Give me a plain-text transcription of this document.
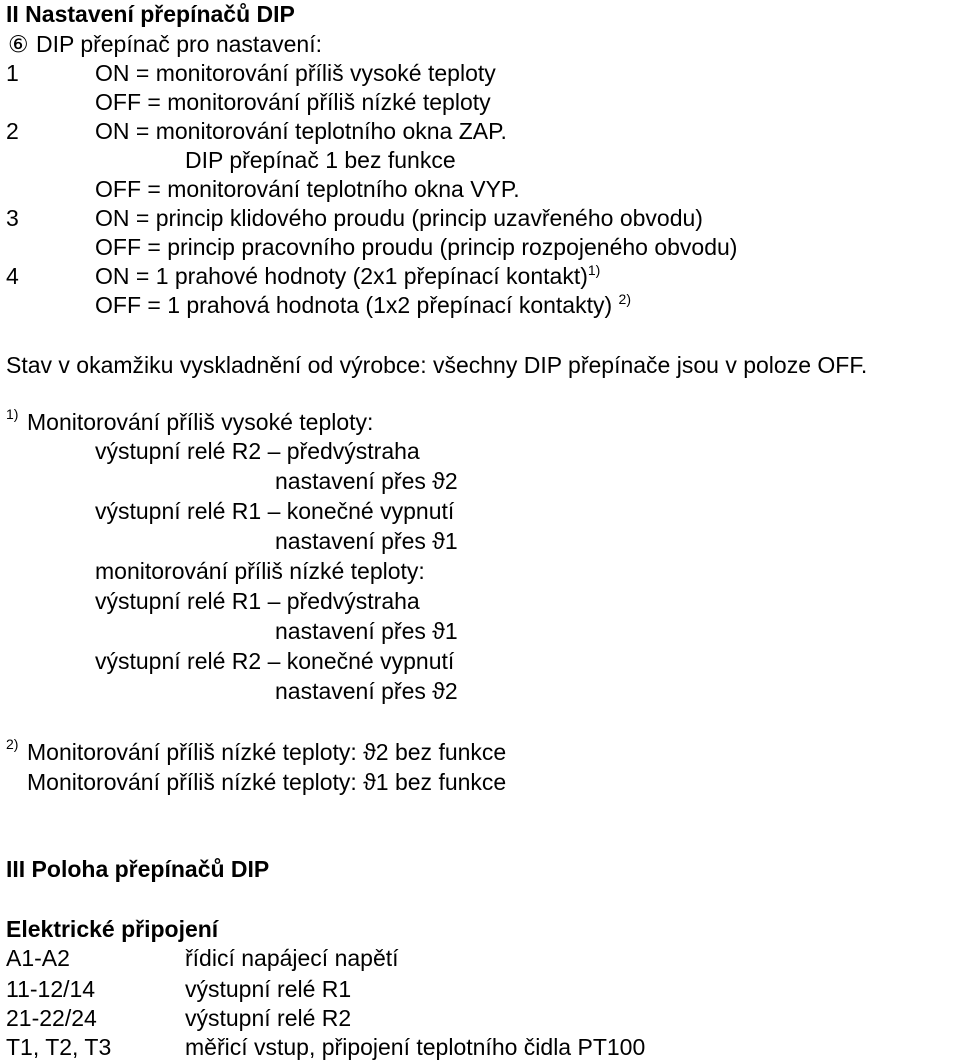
II Nastavení přepínačů DIP
⑥ DIP přepínač pro nastavení:
1	ON = monitorování příliš vysoké teploty
OFF = monitorování příliš nízké teploty
2	ON = monitorování teplotního okna ZAP.
DIP přepínač 1 bez funkce
OFF = monitorování teplotního okna VYP.
3	ON = princip klidového proudu (princip uzavřeného obvodu)
OFF = princip pracovního proudu (princip rozpojeného obvodu)
4	ON = 1 prahové hodnoty (2x1 přepínací kontakt)$^{1)}$
OFF = 1 prahová hodnota (1x2 přepínací kontakty) $^{2)}$
Stav v okamžiku vyskladnění od výrobce: všechny DIP přepínače jsou v poloze OFF.
$^{1)}$ Monitorování příliš vysoké teploty:
výstupní relé R2 – předvýstraha
nastavení přes ϑ2
výstupní relé R1 – konečné vypnutí
nastavení přes ϑ1
monitorování příliš nízké teploty:
výstupní relé R1 – předvýstraha
nastavení přes ϑ1
výstupní relé R2 – konečné vypnutí
nastavení přes ϑ2
$^{2)}$ Monitorování příliš nízké teploty: ϑ2 bez funkce
Monitorování příliš nízké teploty: ϑ1 bez funkce
III Poloha přepínačů DIP
Elektrické připojení
A1-A2	řídicí napájecí napětí
11-12/14	výstupní relé R1
21-22/24	výstupní relé R2
T1, T2, T3	měřicí vstup, připojení teplotního čidla PT100
